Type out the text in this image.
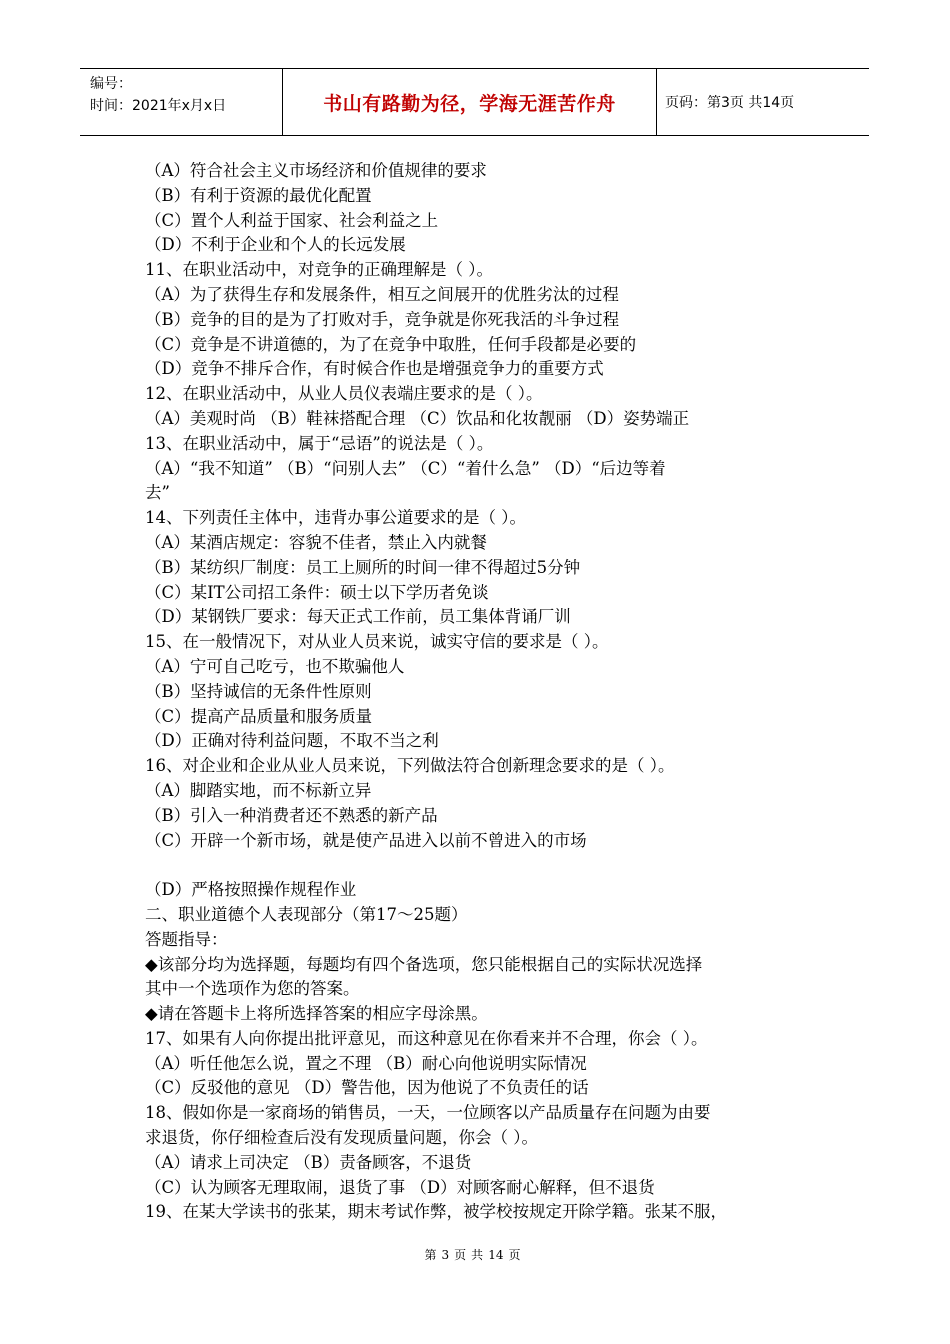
编号：
时间：2021年x月x日	书山有路勤为径，学海无涯苦作舟	页码：第3页 共14页

（A）符合社会主义市场经济和价值规律的要求

（B）有利于资源的最优化配置

（C）置个人利益于国家、社会利益之上

（D）不利于企业和个人的长远发展

11、在职业活动中，对竞争的正确理解是（ ）。

（A）为了获得生存和发展条件，相互之间展开的优胜劣汰的过程

（B）竞争的目的是为了打败对手，竞争就是你死我活的斗争过程

（C）竞争是不讲道德的，为了在竞争中取胜，任何手段都是必要的

（D）竞争不排斥合作，有时候合作也是增强竞争力的重要方式

12、在职业活动中，从业人员仪表端庄要求的是（ ）。

（A）美观时尚 （B）鞋袜搭配合理 （C）饮品和化妆靓丽 （D）姿势端正

13、在职业活动中，属于“忌语”的说法是（ ）。

（A）“我不知道” （B）“问别人去” （C）“着什么急” （D）“后边等着

去”

14、下列责任主体中，违背办事公道要求的是（ ）。

（A）某酒店规定：容貌不佳者，禁止入内就餐

（B）某纺织厂制度：员工上厕所的时间一律不得超过5分钟

（C）某IT公司招工条件：硕士以下学历者免谈

（D）某钢铁厂要求：每天正式工作前，员工集体背诵厂训

15、在一般情况下，对从业人员来说，诚实守信的要求是（ ）。

（A）宁可自己吃亏，也不欺骗他人

（B）坚持诚信的无条件性原则

（C）提高产品质量和服务质量

（D）正确对待利益问题，不取不当之利

16、对企业和企业从业人员来说，下列做法符合创新理念要求的是（ ）。

（A）脚踏实地，而不标新立异

（B）引入一种消费者还不熟悉的新产品

（C）开辟一个新市场，就是使产品进入以前不曾进入的市场

（D）严格按照操作规程作业

二、职业道德个人表现部分（第17～25题）

答题指导：

◆该部分均为选择题，每题均有四个备选项，您只能根据自己的实际状况选择

其中一个选项作为您的答案。

◆请在答题卡上将所选择答案的相应字母涂黑。

17、如果有人向你提出批评意见，而这种意见在你看来并不合理，你会（ ）。

（A）听任他怎么说，置之不理 （B）耐心向他说明实际情况

（C）反驳他的意见 （D）警告他，因为他说了不负责任的话

18、假如你是一家商场的销售员，一天，一位顾客以产品质量存在问题为由要

求退货，你仔细检查后没有发现质量问题，你会（ ）。

（A）请求上司决定 （B）责备顾客，不退货

（C）认为顾客无理取闹，退货了事 （D）对顾客耐心解释，但不退货

19、在某大学读书的张某，期末考试作弊，被学校按规定开除学籍。张某不服，

第 3 页 共 14 页
